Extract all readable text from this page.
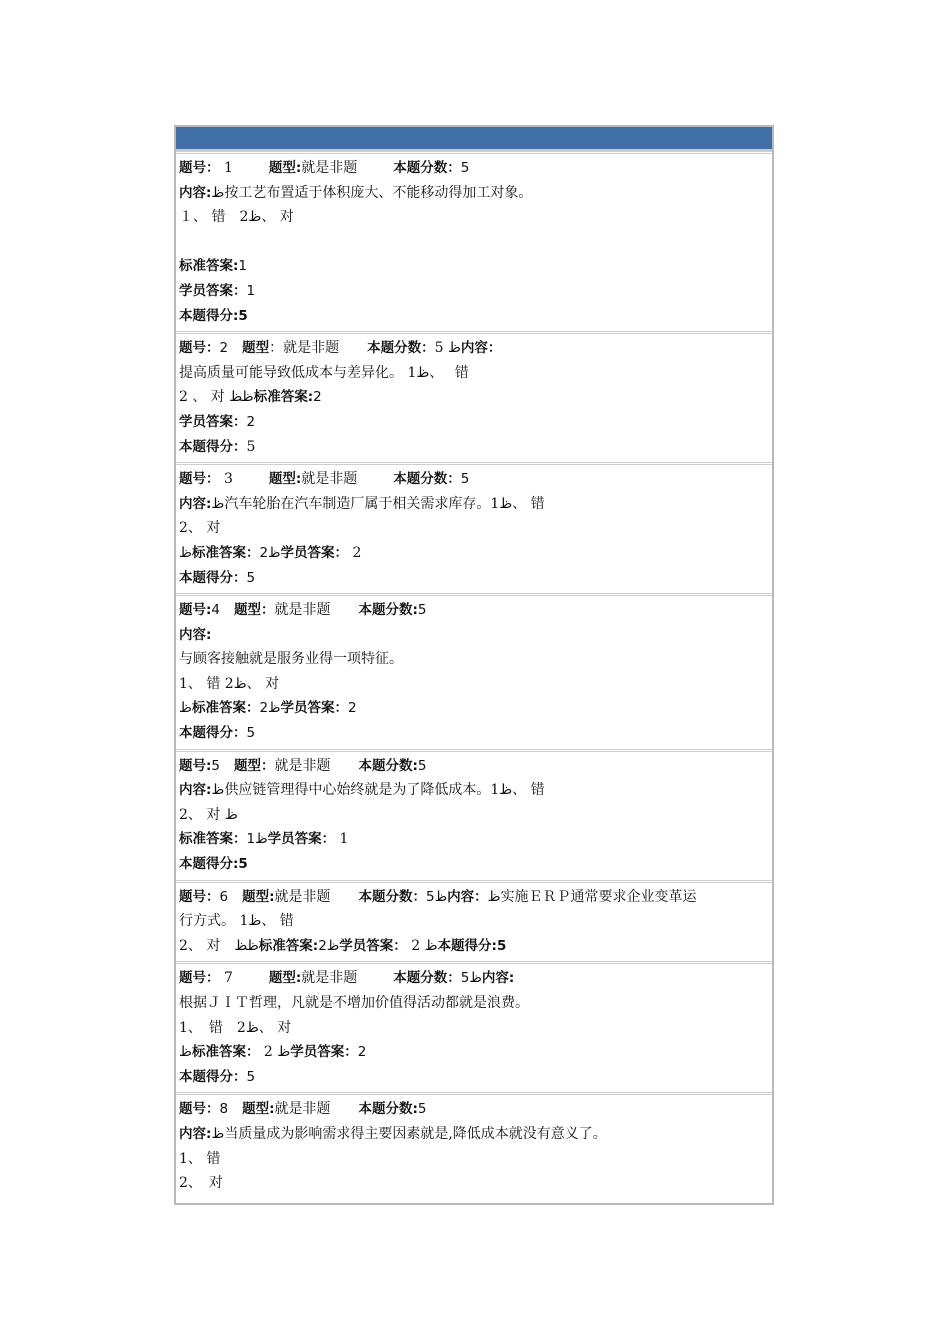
题号： 1	题型:就是非题	本题分数：5
内容:ظ按工艺布置适于体积庞大、不能移动得加工对象。
１、 错　2ظ、 对
标准答案:1
学员答案：1
本题得分:5
题号：2 题型：就是非题 本题分数：5 ظ内容：
提高质量可能导致低成本与差异化。 1ظ、　 错
2 、 对 ظظ标准答案:2
学员答案：2
本题得分：5
题号： 3	题型:就是非题	本题分数：5
内容:ظ汽车轮胎在汽车制造厂属于相关需求库存。1ظ、 错
2、 对
ظ标准答案：2ظ学员答案： 2
本题得分：5
题号:4 题型：就是非题 本题分数:5
内容:
与顾客接触就是服务业得一项特征。
1、 错 2ظ、 对
ظ标准答案：2ظ学员答案：2
本题得分：5
题号:5 题型：就是非题 本题分数:5
内容:ظ供应链管理得中心始终就是为了降低成本。1ظ、 错
2、 对 ظ
标准答案：1ظ学员答案： 1
本题得分:5
题号：6 题型:就是非题 本题分数：5ظ内容：ظ实施ＥＲＰ通常要求企业变革运
行方式。 1ظ、 错
2、 对　ظظ标准答案:2ظ学员答案： 2 ظ本题得分:5
题号： 7	题型:就是非题	本题分数：5ظ内容:
根据ＪＩＴ哲理，凡就是不增加价值得活动都就是浪费。
1、　错　2ظ、 对
ظ标准答案： 2 ظ学员答案：2
本题得分：5
题号：8 题型:就是非题 本题分数:5
内容:ظ当质量成为影响需求得主要因素就是,降低成本就没有意义了。
1、 错
2、　对
